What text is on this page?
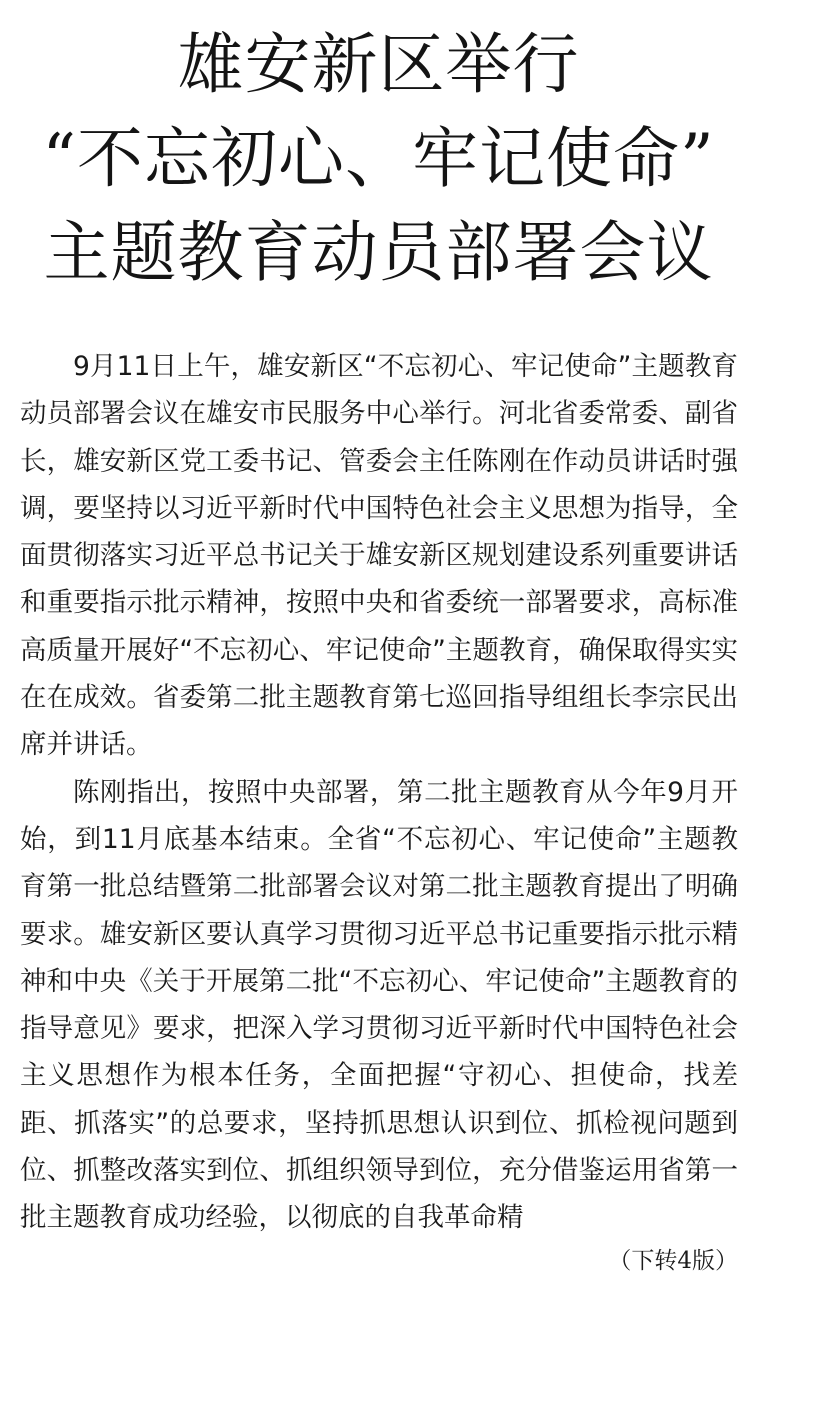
雄安新区举行
“不忘初心、牢记使命”
主题教育动员部署会议

9月11日上午，雄安新区“不忘初心、牢记使命”主题教育动员部署会议在雄安市民服务中心举行。河北省委常委、副省长，雄安新区党工委书记、管委会主任陈刚在作动员讲话时强调，要坚持以习近平新时代中国特色社会主义思想为指导，全面贯彻落实习近平总书记关于雄安新区规划建设系列重要讲话和重要指示批示精神，按照中央和省委统一部署要求，高标准高质量开展好“不忘初心、牢记使命”主题教育，确保取得实实在在成效。省委第二批主题教育第七巡回指导组组长李宗民出席并讲话。

陈刚指出，按照中央部署，第二批主题教育从今年9月开始，到11月底基本结束。全省“不忘初心、牢记使命”主题教育第一批总结暨第二批部署会议对第二批主题教育提出了明确要求。雄安新区要认真学习贯彻习近平总书记重要指示批示精神和中央《关于开展第二批“不忘初心、牢记使命”主题教育的指导意见》要求，把深入学习贯彻习近平新时代中国特色社会主义思想作为根本任务，全面把握“守初心、担使命，找差距、抓落实”的总要求，坚持抓思想认识到位、抓检视问题到位、抓整改落实到位、抓组织领导到位，充分借鉴运用省第一批主题教育成功经验，以彻底的自我革命精

（下转4版）
